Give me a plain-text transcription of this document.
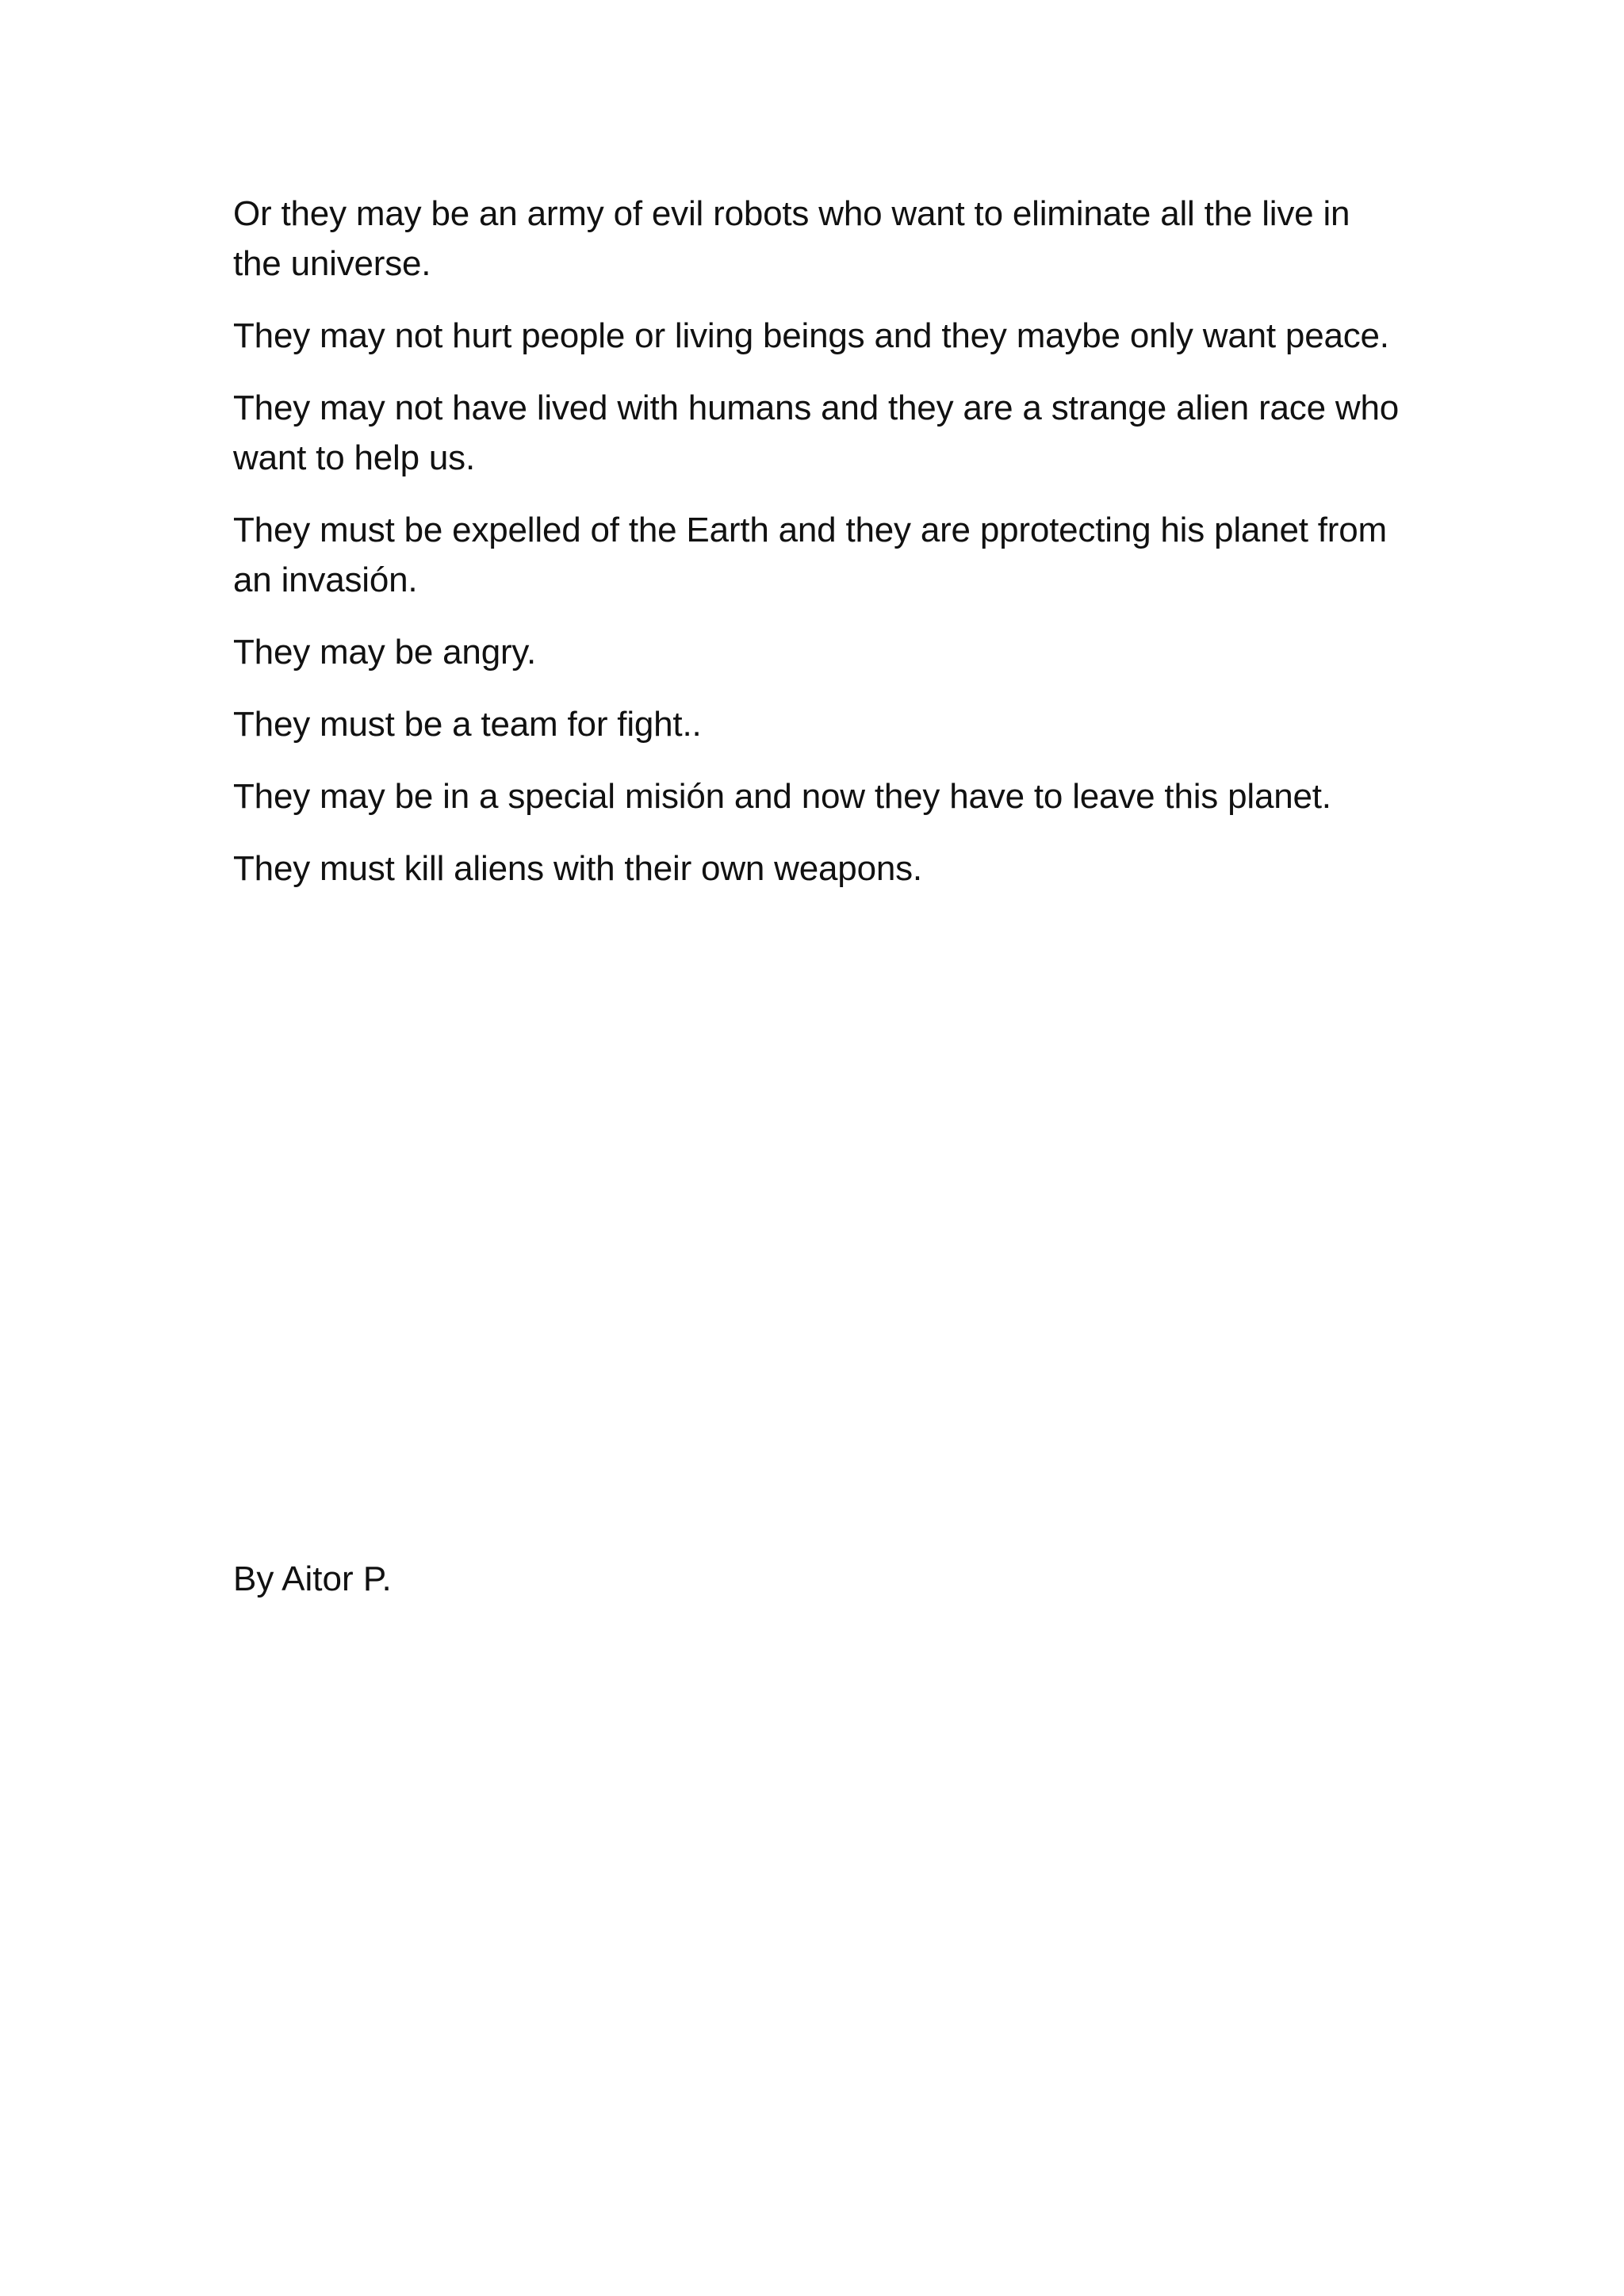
Or they may be an army of evil robots who want to eliminate all the live in the universe.

They may not hurt people or living beings and they maybe only want peace.

They may not have lived with humans and they are a strange alien race who want to help us.

They must be expelled of the Earth and they are pprotecting his planet from an invasión.

They may be angry.

They must be a team for fight..

They may be in a special misión and now they have to leave this planet.

They must kill aliens with their own weapons.

By Aitor P.
